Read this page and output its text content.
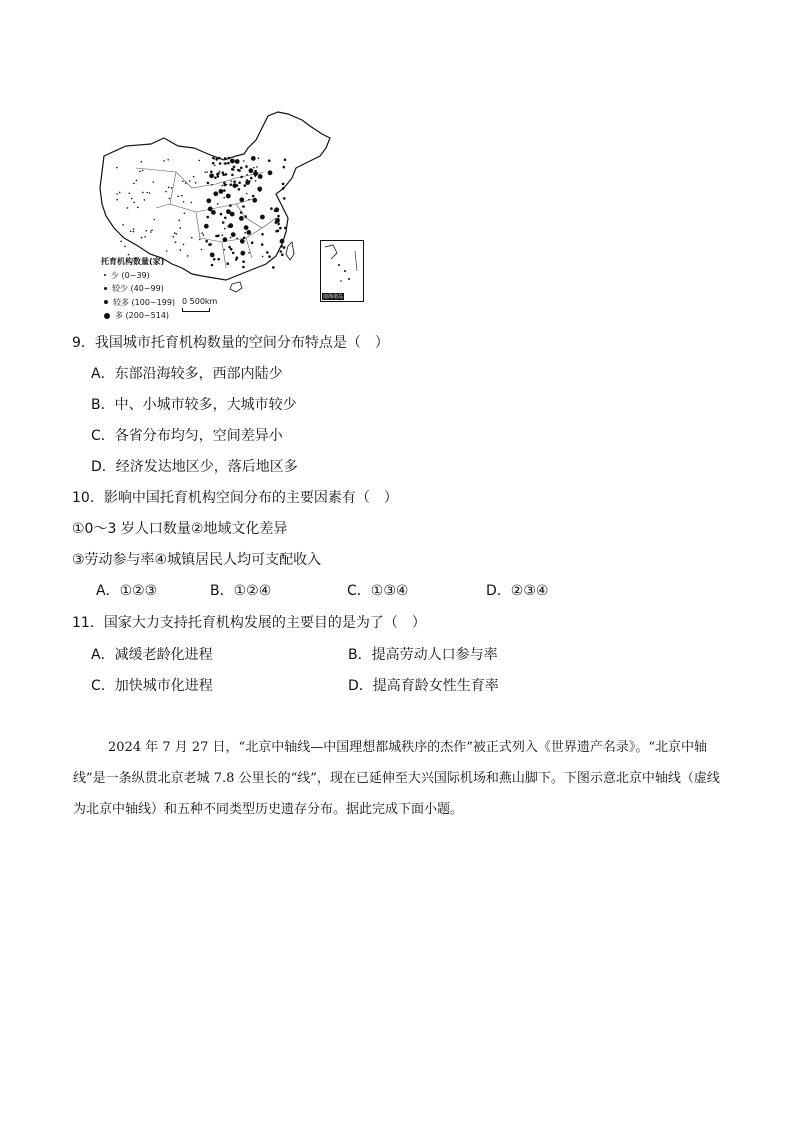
托育机构数量(家)
少 (0~39)
较少 (40~99)
较多 (100~199)
多 (200~514)
0 500km	南海诸岛
9．我国城市托育机构数量的空间分布特点是（　）
A．东部沿海较多，西部内陆少
B．中、小城市较多，大城市较少
C．各省分布均匀，空间差异小
D．经济发达地区少，落后地区多
10．影响中国托育机构空间分布的主要因素有（　）
①0～3 岁人口数量②地域文化差异
③劳动参与率④城镇居民人均可支配收入
A．①②③	B．①②④	C．①③④	D．②③④
11．国家大力支持托育机构发展的主要目的是为了（　）
A．减缓老龄化进程	B．提高劳动人口参与率
C．加快城市化进程	D．提高育龄女性生育率
2024 年 7 月 27 日，“北京中轴线—中国理想都城秩序的杰作”被正式列入《世界遗产名录》。“北京中轴线”是一条纵贯北京老城 7.8 公里长的“线”，现在已延伸至大兴国际机场和燕山脚下。下图示意北京中轴线（虚线为北京中轴线）和五种不同类型历史遗存分布。据此完成下面小题。
